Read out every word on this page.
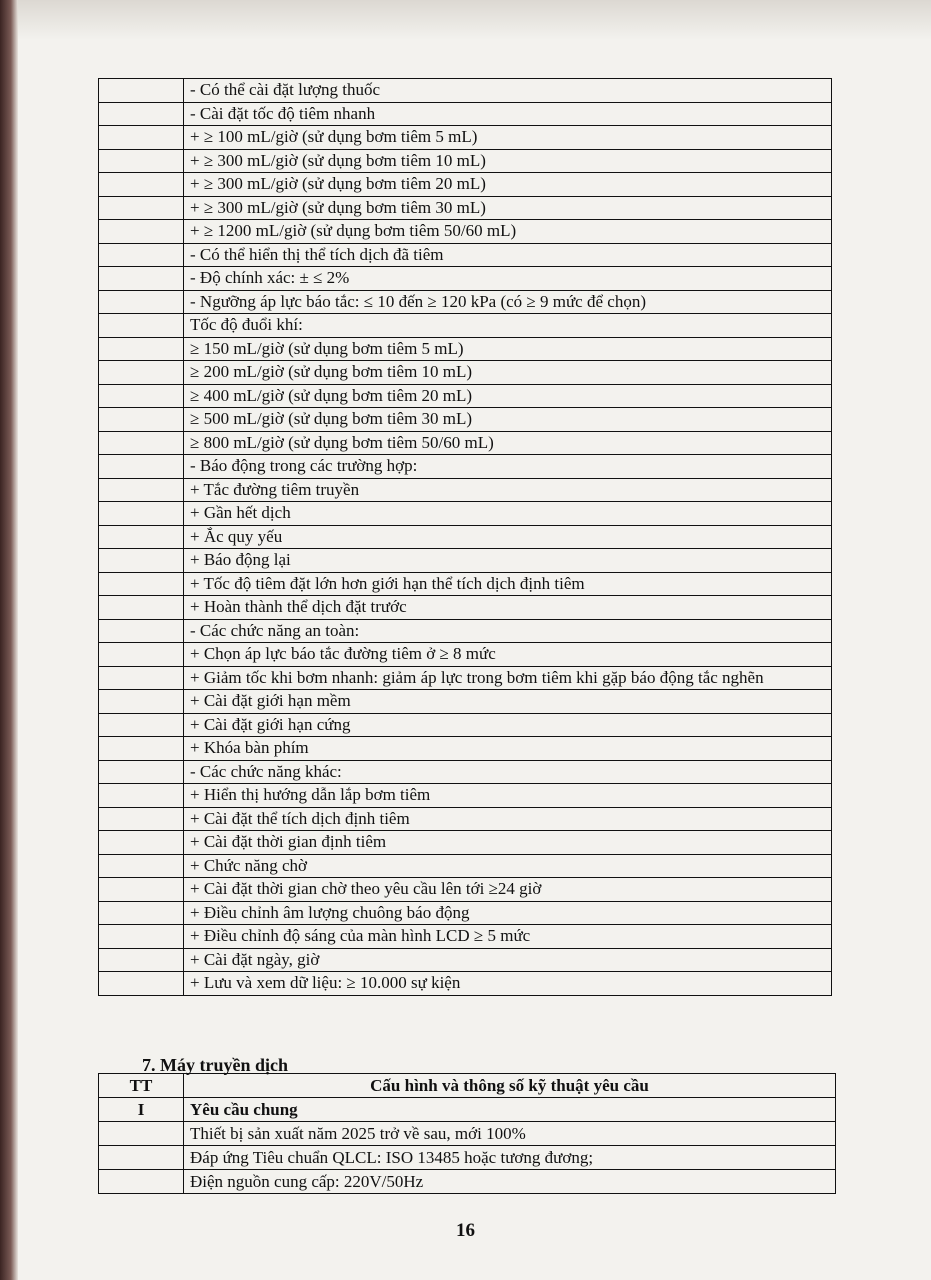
	- Có thể cài đặt lượng thuốc
	- Cài đặt tốc độ tiêm nhanh
	+ ≥ 100 mL/giờ (sử dụng bơm tiêm 5 mL)
	+ ≥ 300 mL/giờ (sử dụng bơm tiêm 10 mL)
	+ ≥ 300 mL/giờ (sử dụng bơm tiêm 20 mL)
	+ ≥ 300 mL/giờ (sử dụng bơm tiêm 30 mL)
	+ ≥ 1200 mL/giờ (sử dụng bơm tiêm 50/60 mL)
	- Có thể hiển thị thể tích dịch đã tiêm
	- Độ chính xác: ± ≤ 2%
	- Ngưỡng áp lực báo tắc: ≤ 10 đến ≥ 120 kPa (có ≥ 9 mức để chọn)
	Tốc độ đuổi khí:
	≥ 150 mL/giờ (sử dụng bơm tiêm 5 mL)
	≥ 200 mL/giờ (sử dụng bơm tiêm 10 mL)
	≥ 400 mL/giờ (sử dụng bơm tiêm 20 mL)
	≥ 500 mL/giờ (sử dụng bơm tiêm 30 mL)
	≥ 800 mL/giờ (sử dụng bơm tiêm 50/60 mL)
	- Báo động trong các trường hợp:
	+ Tắc đường tiêm truyền
	+ Gần hết dịch
	+ Ắc quy yếu
	+ Báo động lại
	+ Tốc độ tiêm đặt lớn hơn giới hạn thể tích dịch định tiêm
	+ Hoàn thành thể dịch đặt trước
	- Các chức năng an toàn:
	+ Chọn áp lực báo tắc đường tiêm ở ≥ 8 mức
	+ Giảm tốc khi bơm nhanh: giảm áp lực trong bơm tiêm khi gặp báo động tắc nghẽn
	+ Cài đặt giới hạn mềm
	+ Cài đặt giới hạn cứng
	+ Khóa bàn phím
	- Các chức năng khác:
	+ Hiển thị hướng dẫn lắp bơm tiêm
	+ Cài đặt thể tích dịch định tiêm
	+ Cài đặt thời gian định tiêm
	+ Chức năng chờ
	+ Cài đặt thời gian chờ theo yêu cầu lên tới ≥24 giờ
	+ Điều chỉnh âm lượng chuông báo động
	+ Điều chỉnh độ sáng của màn hình LCD ≥ 5 mức
	+ Cài đặt ngày, giờ
	+ Lưu và xem dữ liệu: ≥ 10.000 sự kiện
7. Máy truyền dịch
TT	Cấu hình và thông số kỹ thuật yêu cầu
I	Yêu cầu chung
	Thiết bị sản xuất năm 2025 trở về sau, mới 100%
	Đáp ứng Tiêu chuẩn QLCL: ISO 13485 hoặc tương đương;
	Điện nguồn cung cấp: 220V/50Hz
16
